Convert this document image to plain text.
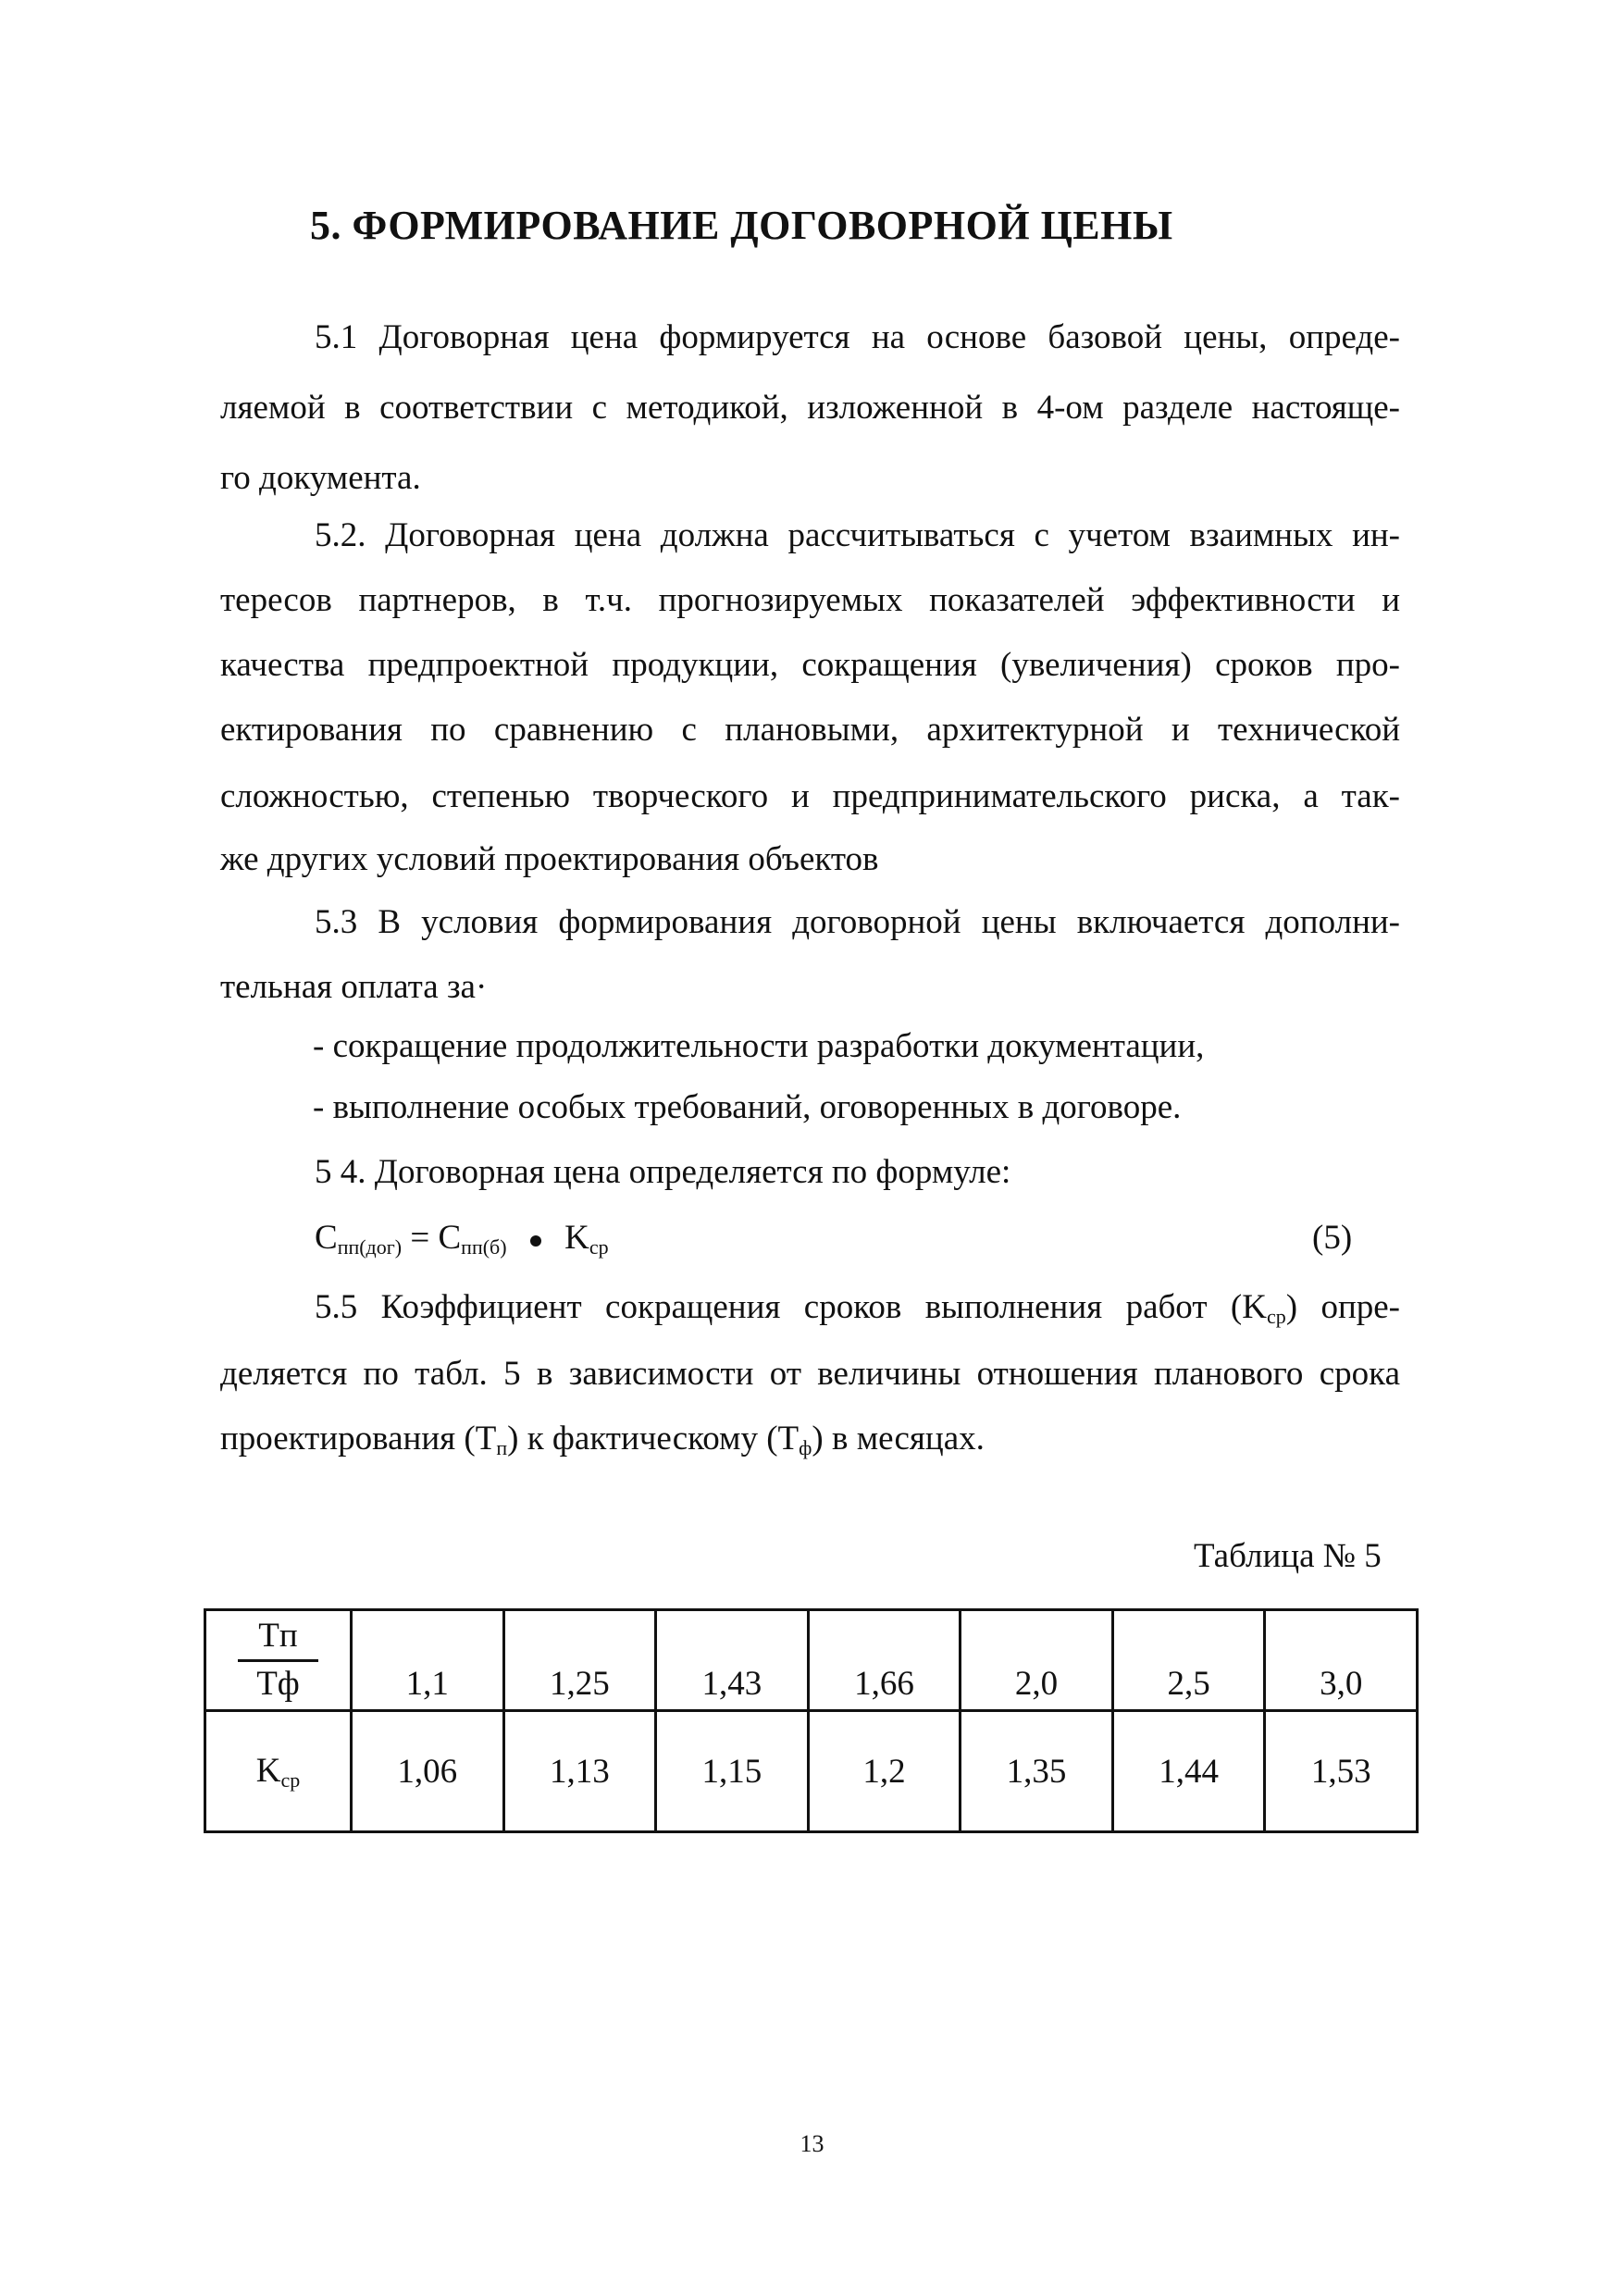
5. ФОРМИРОВАНИЕ ДОГОВОРНОЙ ЦЕНЫ
5.1 Договорная цена формируется на основе базовой цены, опреде-
ляемой в соответствии с методикой, изложенной в 4-ом разделе настояще-
го документа.
5.2. Договорная цена должна рассчитываться с учетом взаимных ин-
тересов партнеров, в т.ч. прогнозируемых показателей эффективности и
качества предпроектной продукции, сокращения (увеличения) сроков про-
ектирования по сравнению с плановыми, архитектурной и технической
сложностью, степенью творческого и предпринимательского риска, а так-
же других условий проектирования объектов
5.3 В условия формирования договорной цены включается дополни-
тельная оплата за·
- сокращение продолжительности разработки документации,
- выполнение особых требований, оговоренных в договоре.
5 4. Договорная цена определяется по формуле:
$C_{пп(дог)} = C_{пп(б)}$ $K_{ср}$	(5)
5.5 Коэффициент сокращения сроков выполнения работ $(K_{ср})$ опре-
деляется по табл. 5 в зависимости от величины отношения планового срока
проектирования $(T_п)$ к фактическому $(T_ф)$ в месяцах.
Таблица № 5
$\frac{Tп}{Tф}$	1,1	1,25	1,43	1,66	2,0	2,5	3,0
$K_{ср}$	1,06	1,13	1,15	1,2	1,35	1,44	1,53
13
